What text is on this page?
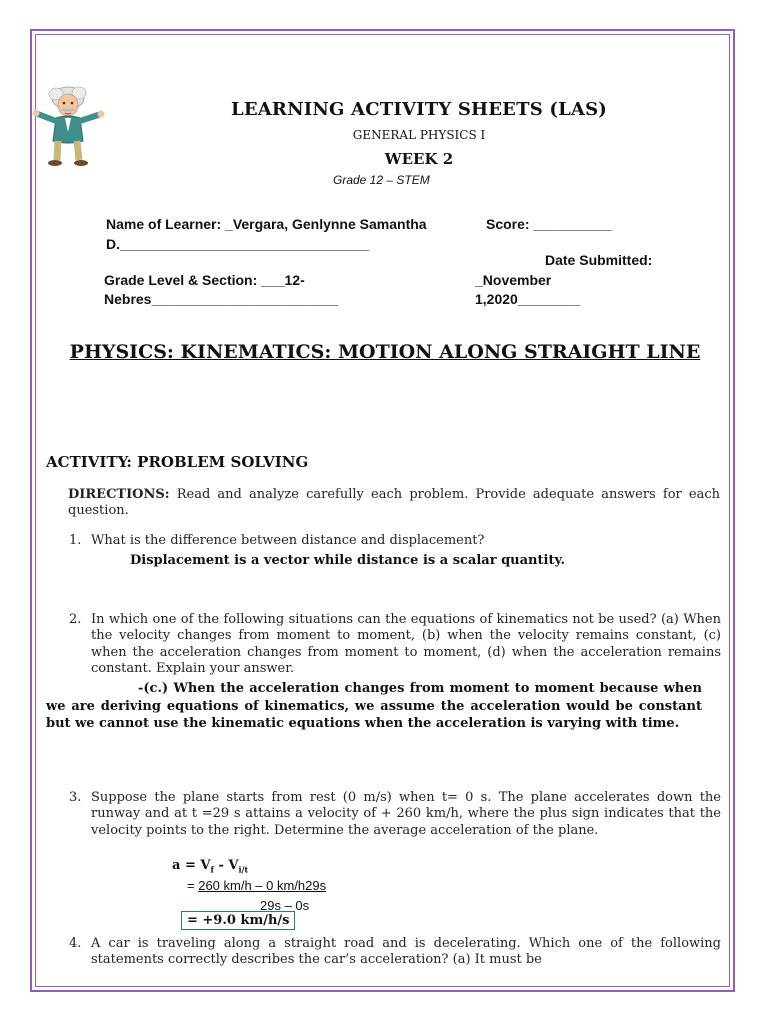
LEARNING ACTIVITY SHEETS (LAS)
GENERAL PHYSICS I
WEEK 2
Grade 12 – STEM
Name of Learner: _Vergara, Genlynne Samantha	Score: __________
D.________________________________
Date Submitted:
Grade Level & Section: ___12-	_November
Nebres________________________	1,2020________
PHYSICS: KINEMATICS: MOTION ALONG STRAIGHT LINE
ACTIVITY: PROBLEM SOLVING
DIRECTIONS: Read and analyze carefully each problem. Provide adequate answers for each question.
1. What is the difference between distance and displacement?
Displacement is a vector while distance is a scalar quantity.
2. In which one of the following situations can the equations of kinematics not be used? (a) When the velocity changes from moment to moment, (b) when the velocity remains constant, (c) when the acceleration changes from moment to moment, (d) when the acceleration remains constant. Explain your answer.
-(c.) When the acceleration changes from moment to moment because when we are deriving equations of kinematics, we assume the acceleration would be constant but we cannot use the kinematic equations when the acceleration is varying with time.
3. Suppose the plane starts from rest (0 m/s) when t= 0 s. The plane accelerates down the runway and at t =29 s attains a velocity of + 260 km/h, where the plus sign indicates that the velocity points to the right. Determine the average acceleration of the plane.
$a = V_f - V_{i/t}$
= 260 km/h – 0 km/h29s
29s – 0s
= +9.0 km/h/s
4. A car is traveling along a straight road and is decelerating. Which one of the following statements correctly describes the car’s acceleration? (a) It must be
